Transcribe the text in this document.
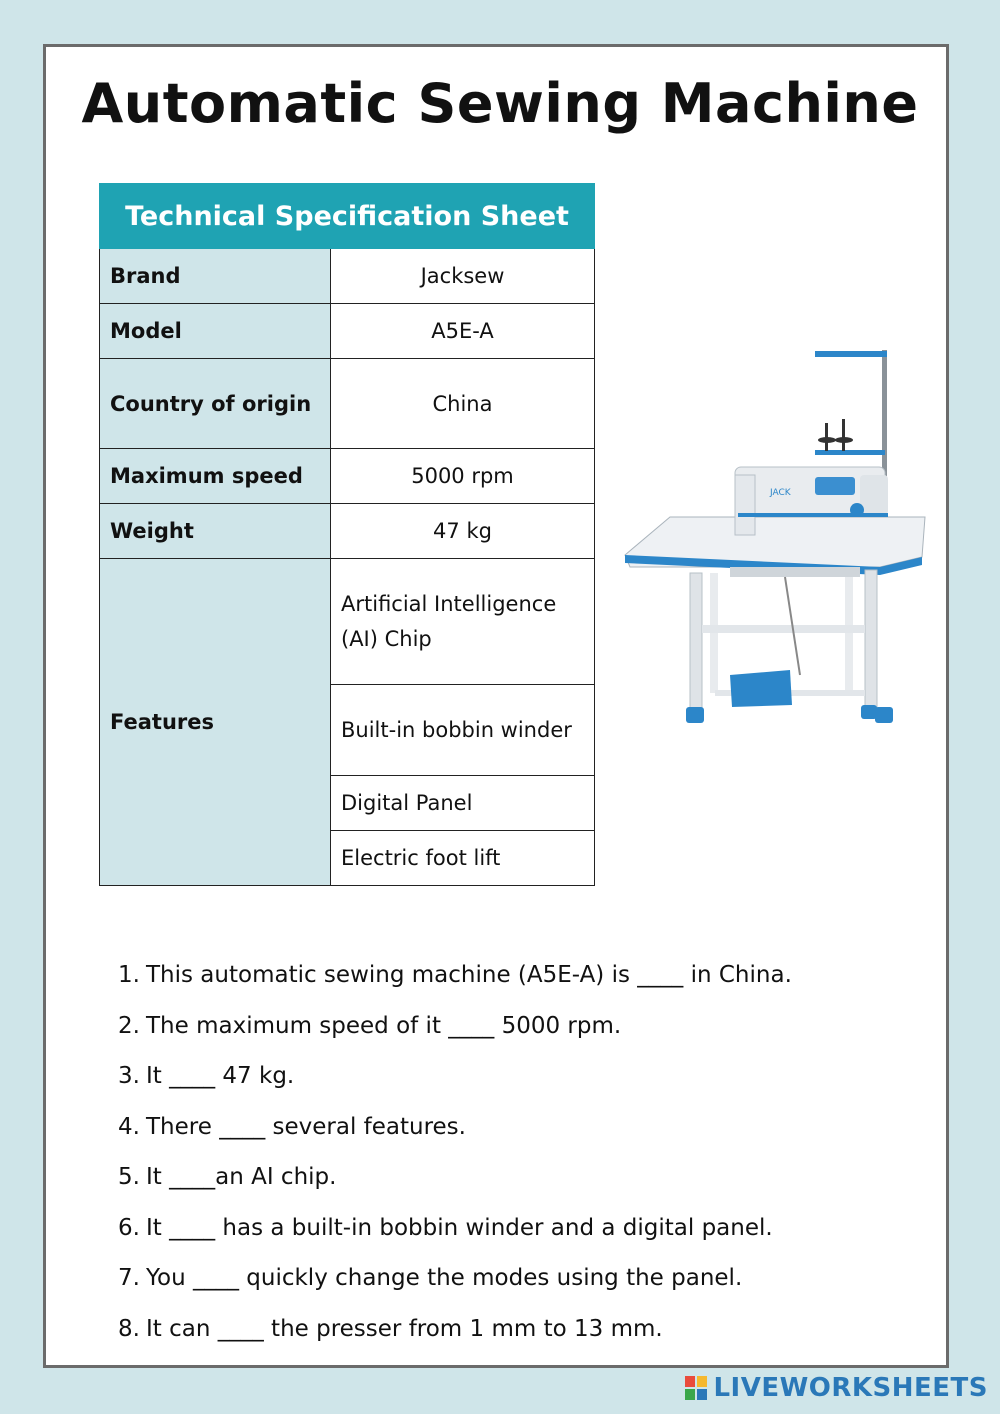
Automatic Sewing Machine
Technical Specification Sheet	
Brand	Jacksew
Model	A5E-A
Country of origin	China
Maximum speed	5000 rpm
Weight	47 kg
Features	Artificial Intelligence (AI) Chip
	Built-in bobbin winder
	Digital Panel
	Electric foot lift
JACK
1. This automatic sewing machine (A5E-A) is ____ in China.
2. The maximum speed of it ____ 5000 rpm.
3. It ____ 47 kg.
4. There ____ several features.
5. It ____an AI chip.
6. It ____ has a built-in bobbin winder and a digital panel.
7. You ____ quickly change the modes using the panel.
8. It can ____ the presser from 1 mm to 13 mm.
LIVEWORKSHEETS
